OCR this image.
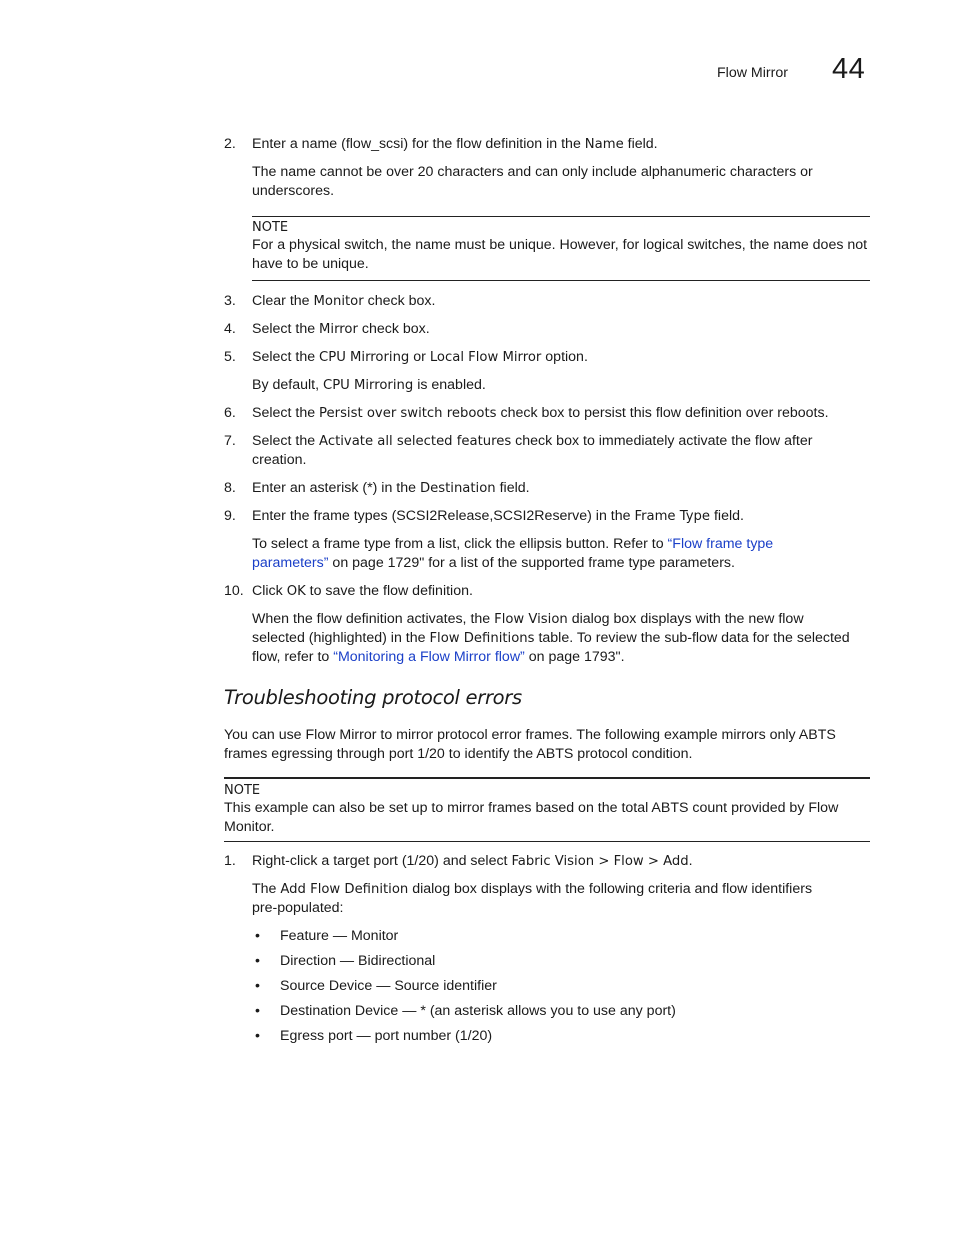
Flow Mirror 44
2. Enter a name (flow_scsi) for the flow definition in the Name field.
The name cannot be over 20 characters and can only include alphanumeric characters or underscores.
NOTE
For a physical switch, the name must be unique. However, for logical switches, the name does not have to be unique.
3. Clear the Monitor check box.
4. Select the Mirror check box.
5. Select the CPU Mirroring or Local Flow Mirror option.
By default, CPU Mirroring is enabled.
6. Select the Persist over switch reboots check box to persist this flow definition over reboots.
7. Select the Activate all selected features check box to immediately activate the flow after
creation.
8. Enter an asterisk (*) in the Destination field.
9. Enter the frame types (SCSI2Release,SCSI2Reserve) in the Frame Type field.
To select a frame type from a list, click the ellipsis button. Refer to “Flow frame type
parameters” on page 1729" for a list of the supported frame type parameters.
10. Click OK to save the flow definition.
When the flow definition activates, the Flow Vision dialog box displays with the new flow
selected (highlighted) in the Flow Definitions table. To review the sub-flow data for the selected
flow, refer to “Monitoring a Flow Mirror flow” on page 1793".
Troubleshooting protocol errors
You can use Flow Mirror to mirror protocol error frames. The following example mirrors only ABTS frames egressing through port 1/20 to identify the ABTS protocol condition.
NOTE
This example can also be set up to mirror frames based on the total ABTS count provided by Flow Monitor.
1. Right-click a target port (1/20) and select Fabric Vision > Flow > Add.
The Add Flow Definition dialog box displays with the following criteria and flow identifiers
pre-populated:
• Feature — Monitor
• Direction — Bidirectional
• Source Device — Source identifier
• Destination Device — * (an asterisk allows you to use any port)
• Egress port — port number (1/20)
